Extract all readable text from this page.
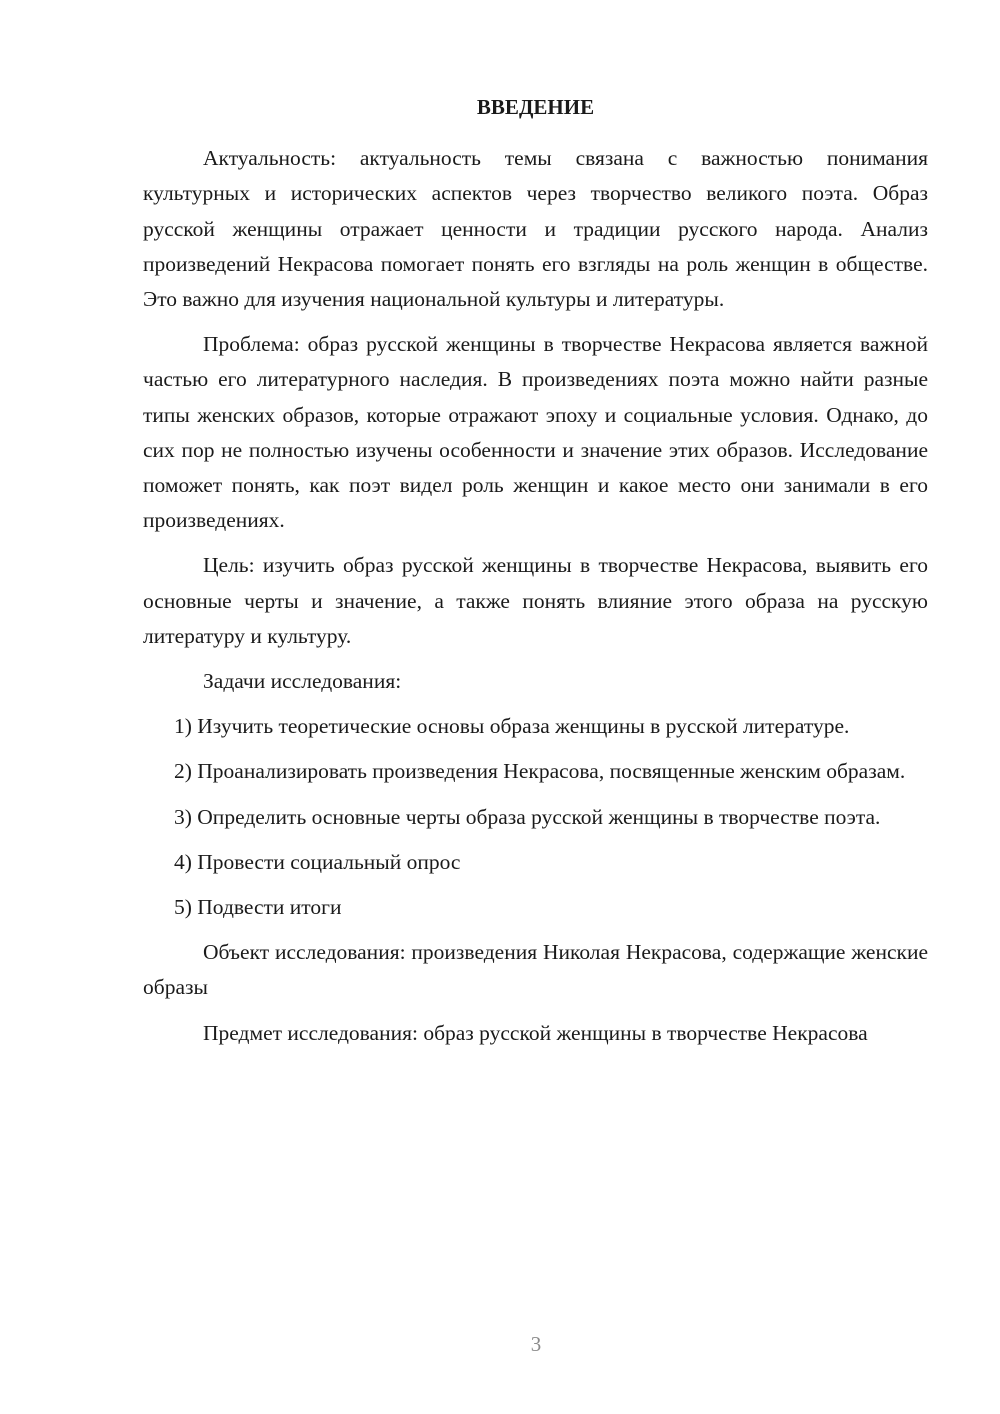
ВВЕДЕНИЕ

Актуальность: актуальность темы связана с важностью понимания культурных и исторических аспектов через творчество великого поэта. Образ русской женщины отражает ценности и традиции русского народа. Анализ произведений Некрасова помогает понять его взгляды на роль женщин в обществе. Это важно для изучения национальной культуры и литературы.

Проблема: образ русской женщины в творчестве Некрасова является важной частью его литературного наследия. В произведениях поэта можно найти разные типы женских образов, которые отражают эпоху и социальные условия. Однако, до сих пор не полностью изучены особенности и значение этих образов. Исследование поможет понять, как поэт видел роль женщин и какое место они занимали в его произведениях.

Цель: изучить образ русской женщины в творчестве Некрасова, выявить его основные черты и значение, а также понять влияние этого образа на русскую литературу и культуру.

Задачи исследования:

1) Изучить теоретические основы образа женщины в русской литературе.

2) Проанализировать произведения Некрасова, посвященные женским образам.

3) Определить основные черты образа русской женщины в творчестве поэта.

4) Провести социальный опрос

5) Подвести итоги

Объект исследования: произведения Николая Некрасова, содержащие женские образы

Предмет исследования: образ русской женщины в творчестве Некрасова

3
